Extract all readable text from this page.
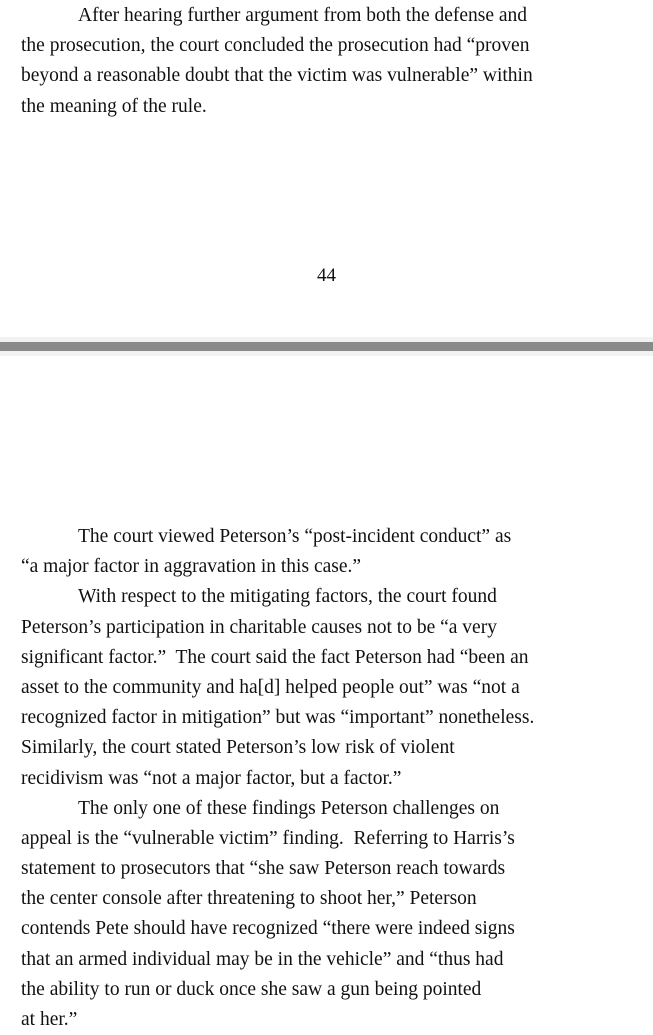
After hearing further argument from both the defense and
the prosecution, the court concluded the prosecution had “proven
beyond a reasonable doubt that the victim was vulnerable” within
the meaning of the rule.
44
The court viewed Peterson’s “post-incident conduct” as
“a major factor in aggravation in this case.”
With respect to the mitigating factors, the court found
Peterson’s participation in charitable causes not to be “a very
significant factor.”  The court said the fact Peterson had “been an
asset to the community and ha[d] helped people out” was “not a
recognized factor in mitigation” but was “important” nonetheless.
Similarly, the court stated Peterson’s low risk of violent
recidivism was “not a major factor, but a factor.”
The only one of these findings Peterson challenges on
appeal is the “vulnerable victim” finding.  Referring to Harris’s
statement to prosecutors that “she saw Peterson reach towards
the center console after threatening to shoot her,” Peterson
contends Pete should have recognized “there were indeed signs
that an armed individual may be in the vehicle” and “thus had
the ability to run or duck once she saw a gun being pointed
at her.”
